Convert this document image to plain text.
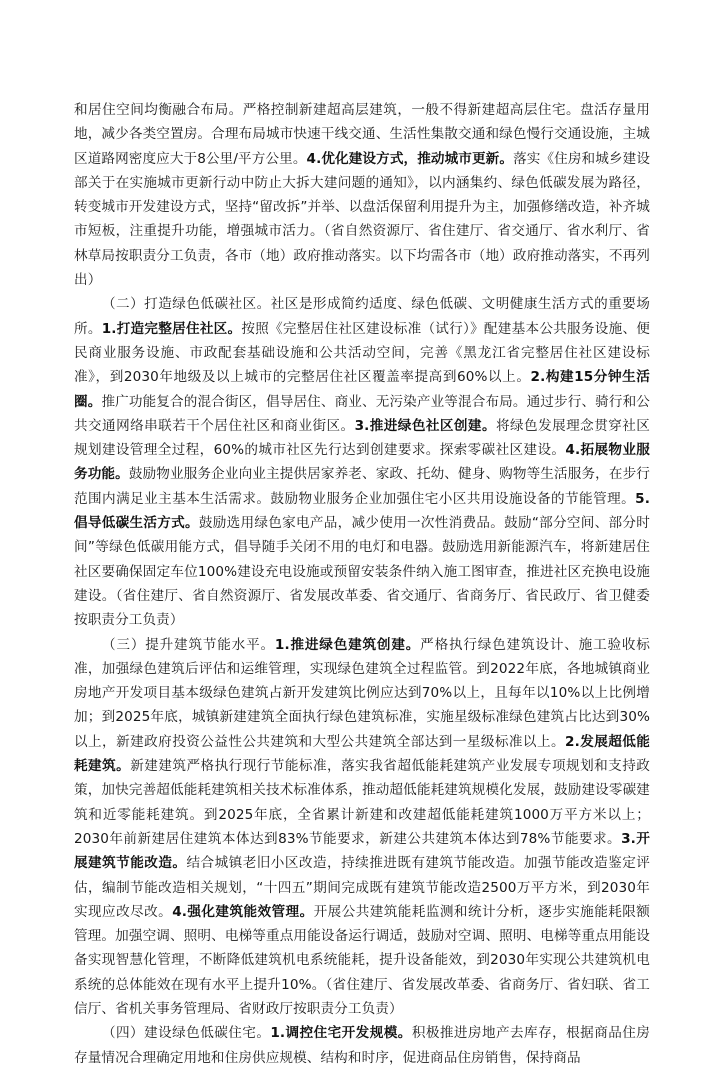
和居住空间均衡融合布局。严格控制新建超高层建筑，一般不得新建超高层住宅。盘活存量用地，减少各类空置房。合理布局城市快速干线交通、生活性集散交通和绿色慢行交通设施，主城区道路网密度应大于8公里/平方公里。4.优化建设方式，推动城市更新。落实《住房和城乡建设部关于在实施城市更新行动中防止大拆大建问题的通知》，以内涵集约、绿色低碳发展为路径，转变城市开发建设方式，坚持“留改拆”并举、以盘活保留利用提升为主，加强修缮改造，补齐城市短板，注重提升功能，增强城市活力。（省自然资源厅、省住建厅、省交通厅、省水利厅、省林草局按职责分工负责，各市（地）政府推动落实。以下均需各市（地）政府推动落实，不再列出）

（二）打造绿色低碳社区。社区是形成简约适度、绿色低碳、文明健康生活方式的重要场所。1.打造完整居住社区。按照《完整居住社区建设标准（试行）》配建基本公共服务设施、便民商业服务设施、市政配套基础设施和公共活动空间，完善《黑龙江省完整居住社区建设标准》，到2030年地级及以上城市的完整居住社区覆盖率提高到60%以上。2.构建15分钟生活圈。推广功能复合的混合街区，倡导居住、商业、无污染产业等混合布局。通过步行、骑行和公共交通网络串联若干个居住社区和商业街区。3.推进绿色社区创建。将绿色发展理念贯穿社区规划建设管理全过程，60%的城市社区先行达到创建要求。探索零碳社区建设。4.拓展物业服务功能。鼓励物业服务企业向业主提供居家养老、家政、托幼、健身、购物等生活服务，在步行范围内满足业主基本生活需求。鼓励物业服务企业加强住宅小区共用设施设备的节能管理。5.倡导低碳生活方式。鼓励选用绿色家电产品，减少使用一次性消费品。鼓励“部分空间、部分时间”等绿色低碳用能方式，倡导随手关闭不用的电灯和电器。鼓励选用新能源汽车，将新建居住社区要确保固定车位100%建设充电设施或预留安装条件纳入施工图审查，推进社区充换电设施建设。（省住建厅、省自然资源厅、省发展改革委、省交通厅、省商务厅、省民政厅、省卫健委按职责分工负责）

（三）提升建筑节能水平。1.推进绿色建筑创建。严格执行绿色建筑设计、施工验收标准，加强绿色建筑后评估和运维管理，实现绿色建筑全过程监管。到2022年底，各地城镇商业房地产开发项目基本级绿色建筑占新开发建筑比例应达到70%以上，且每年以10%以上比例增加；到2025年底，城镇新建建筑全面执行绿色建筑标准，实施星级标准绿色建筑占比达到30%以上，新建政府投资公益性公共建筑和大型公共建筑全部达到一星级标准以上。2.发展超低能耗建筑。新建建筑严格执行现行节能标准，落实我省超低能耗建筑产业发展专项规划和支持政策，加快完善超低能耗建筑相关技术标准体系，推动超低能耗建筑规模化发展，鼓励建设零碳建筑和近零能耗建筑。到2025年底，全省累计新建和改建超低能耗建筑1000万平方米以上；2030年前新建居住建筑本体达到83%节能要求，新建公共建筑本体达到78%节能要求。3.开展建筑节能改造。结合城镇老旧小区改造，持续推进既有建筑节能改造。加强节能改造鉴定评估，编制节能改造相关规划，“十四五”期间完成既有建筑节能改造2500万平方米，到2030年实现应改尽改。4.强化建筑能效管理。开展公共建筑能耗监测和统计分析，逐步实施能耗限额管理。加强空调、照明、电梯等重点用能设备运行调适，鼓励对空调、照明、电梯等重点用能设备实现智慧化管理，不断降低建筑机电系统能耗，提升设备能效，到2030年实现公共建筑机电系统的总体能效在现有水平上提升10%。（省住建厅、省发展改革委、省商务厅、省妇联、省工信厅、省机关事务管理局、省财政厅按职责分工负责）

（四）建设绿色低碳住宅。1.调控住宅开发规模。积极推进房地产去库存，根据商品住房存量情况合理确定用地和住房供应规模、结构和时序，促进商品住房销售，保持商品
